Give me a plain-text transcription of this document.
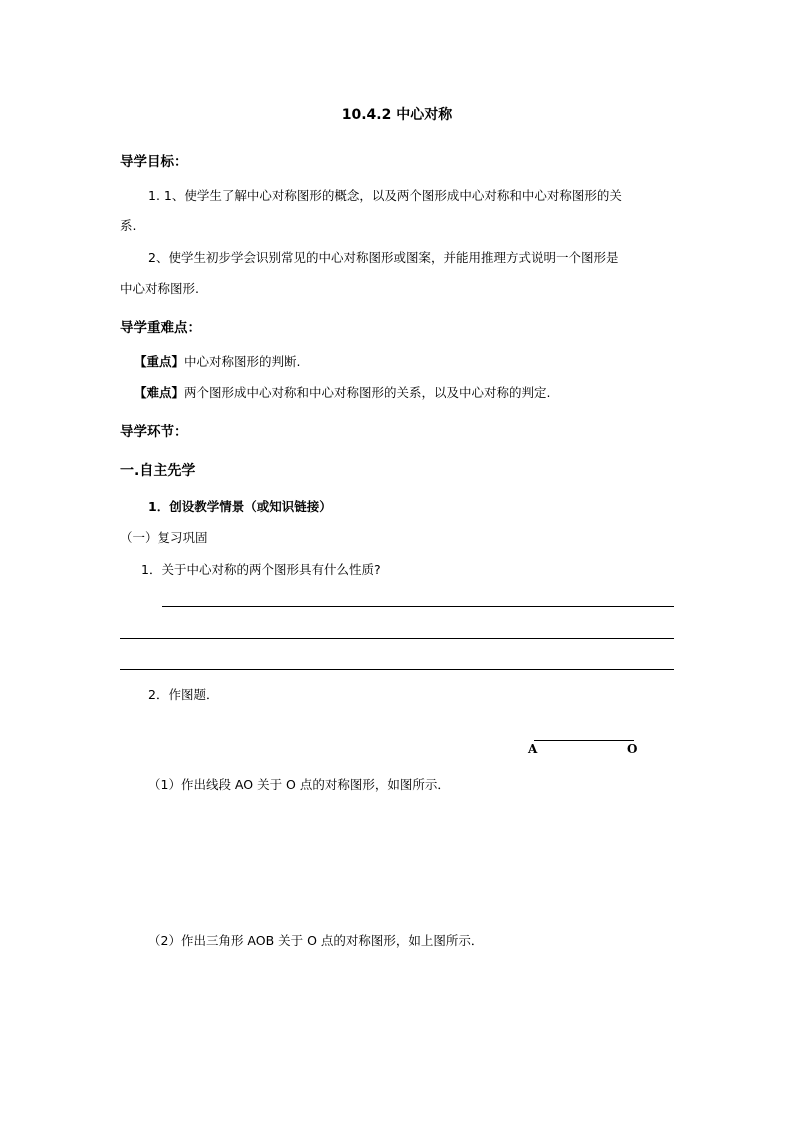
10.4.2 中心对称
导学目标：
1. 1、使学生了解中心对称图形的概念，以及两个图形成中心对称和中心对称图形的关
系.
2、使学生初步学会识别常见的中心对称图形或图案，并能用推理方式说明一个图形是
中心对称图形.
导学重难点：
【重点】中心对称图形的判断.
【难点】两个图形成中心对称和中心对称图形的关系，以及中心对称的判定.
导学环节：
一.自主先学
1．创设教学情景（或知识链接）
（一）复习巩固
1．关于中心对称的两个图形具有什么性质?
2．作图题．
A	O
（1）作出线段 AO 关于 O 点的对称图形，如图所示．
（2）作出三角形 AOB 关于 O 点的对称图形，如上图所示．
